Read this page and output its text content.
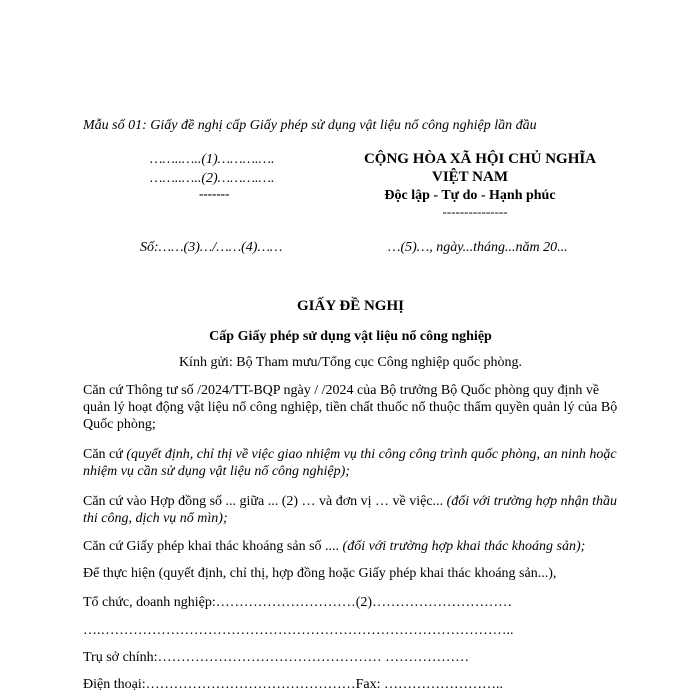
Mẫu số 01: Giấy đề nghị cấp Giấy phép sử dụng vật liệu nổ công nghiệp lần đầu
……..…..(1)……….….
……..…..(2)……….….
-------
CỘNG HÒA XÃ HỘI CHỦ NGHĨA
VIỆT NAM
Độc lập - Tự do - Hạnh phúc
---------------
Số:……(3)…/……(4)……	…(5)…, ngày...tháng...năm 20...
GIẤY ĐỀ NGHỊ
Cấp Giấy phép sử dụng vật liệu nổ công nghiệp
Kính gửi: Bộ Tham mưu/Tổng cục Công nghiệp quốc phòng.
Căn cứ Thông tư số /2024/TT-BQP ngày / /2024 của Bộ trưởng Bộ Quốc phòng quy định về quản lý hoạt động vật liệu nổ công nghiệp, tiền chất thuốc nổ thuộc thẩm quyền quản lý của Bộ Quốc phòng;
Căn cứ (quyết định, chỉ thị về việc giao nhiệm vụ thi công công trình quốc phòng, an ninh hoặc nhiệm vụ cần sử dụng vật liệu nổ công nghiệp);
Căn cứ vào Hợp đồng số ... giữa ... (2) … và đơn vị … về việc... (đối với trường hợp nhận thầu thi công, dịch vụ nổ mìn);
Căn cứ Giấy phép khai thác khoáng sản số .... (đối với trường hợp khai thác khoáng sản);
Để thực hiện (quyết định, chỉ thị, hợp đồng hoặc Giấy phép khai thác khoáng sản...),
Tổ chức, doanh nghiệp:…………………………(2)…………………………
….……………………………………………………………………………..
Trụ sở chính:………………………………………… ………………
Điện thoại:………………………………………Fax: ……………………..
